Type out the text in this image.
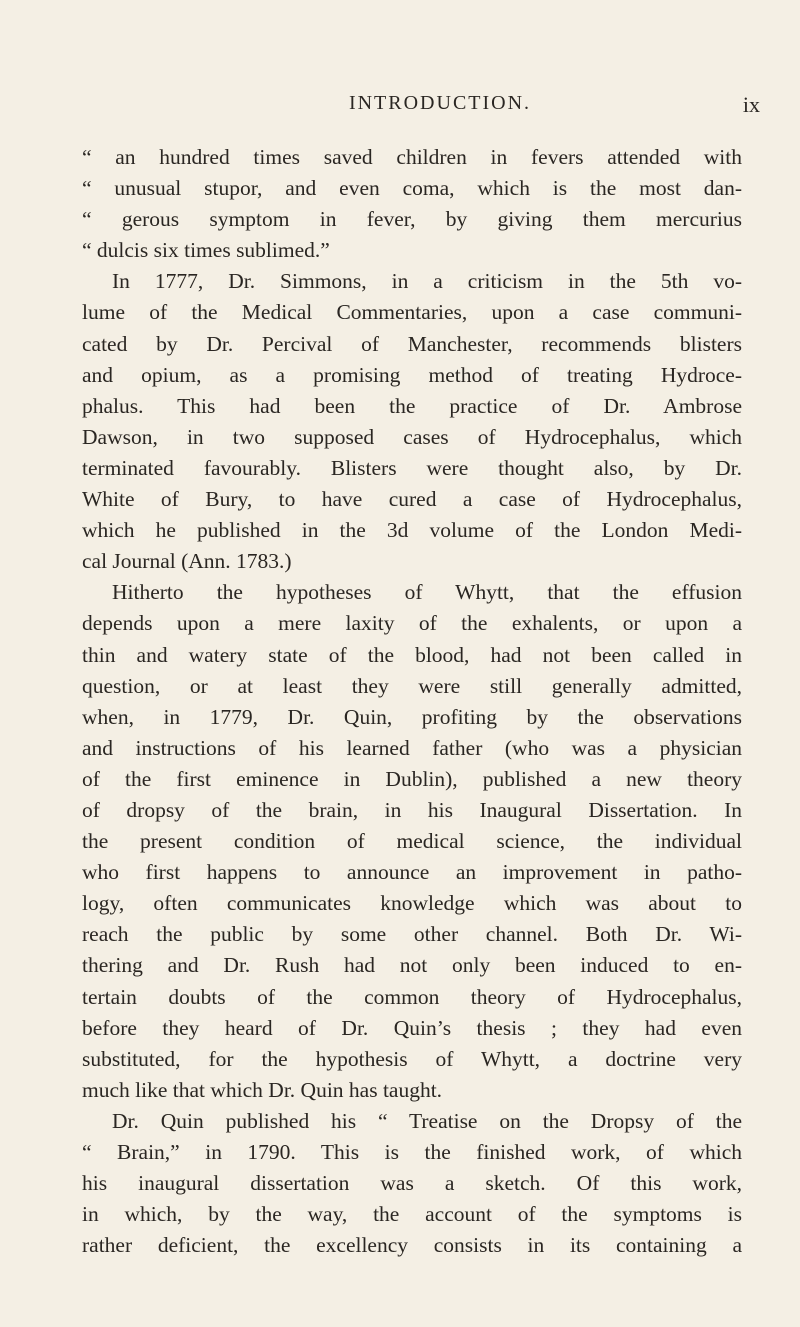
INTRODUCTION.	ix
“ an hundred times saved children in fevers attended with
“ unusual stupor, and even coma, which is the most dan-
“ gerous symptom in fever, by giving them mercurius
“ dulcis six times sublimed.”
In 1777, Dr. Simmons, in a criticism in the 5th vo-
lume of the Medical Commentaries, upon a case communi-
cated by Dr. Percival of Manchester, recommends blisters
and opium, as a promising method of treating Hydroce-
phalus. This had been the practice of Dr. Ambrose
Dawson, in two supposed cases of Hydrocephalus, which
terminated favourably. Blisters were thought also, by Dr.
White of Bury, to have cured a case of Hydrocephalus,
which he published in the 3d volume of the London Medi-
cal Journal (Ann. 1783.)
Hitherto the hypotheses of Whytt, that the effusion
depends upon a mere laxity of the exhalents, or upon a
thin and watery state of the blood, had not been called in
question, or at least they were still generally admitted,
when, in 1779, Dr. Quin, profiting by the observations
and instructions of his learned father (who was a physician
of the first eminence in Dublin), published a new theory
of dropsy of the brain, in his Inaugural Dissertation. In
the present condition of medical science, the individual
who first happens to announce an improvement in patho-
logy, often communicates knowledge which was about to
reach the public by some other channel. Both Dr. Wi-
thering and Dr. Rush had not only been induced to en-
tertain doubts of the common theory of Hydrocephalus,
before they heard of Dr. Quin’s thesis ; they had even
substituted, for the hypothesis of Whytt, a doctrine very
much like that which Dr. Quin has taught.
Dr. Quin published his “ Treatise on the Dropsy of the
“ Brain,” in 1790. This is the finished work, of which
his inaugural dissertation was a sketch. Of this work,
in which, by the way, the account of the symptoms is
rather deficient, the excellency consists in its containing a
